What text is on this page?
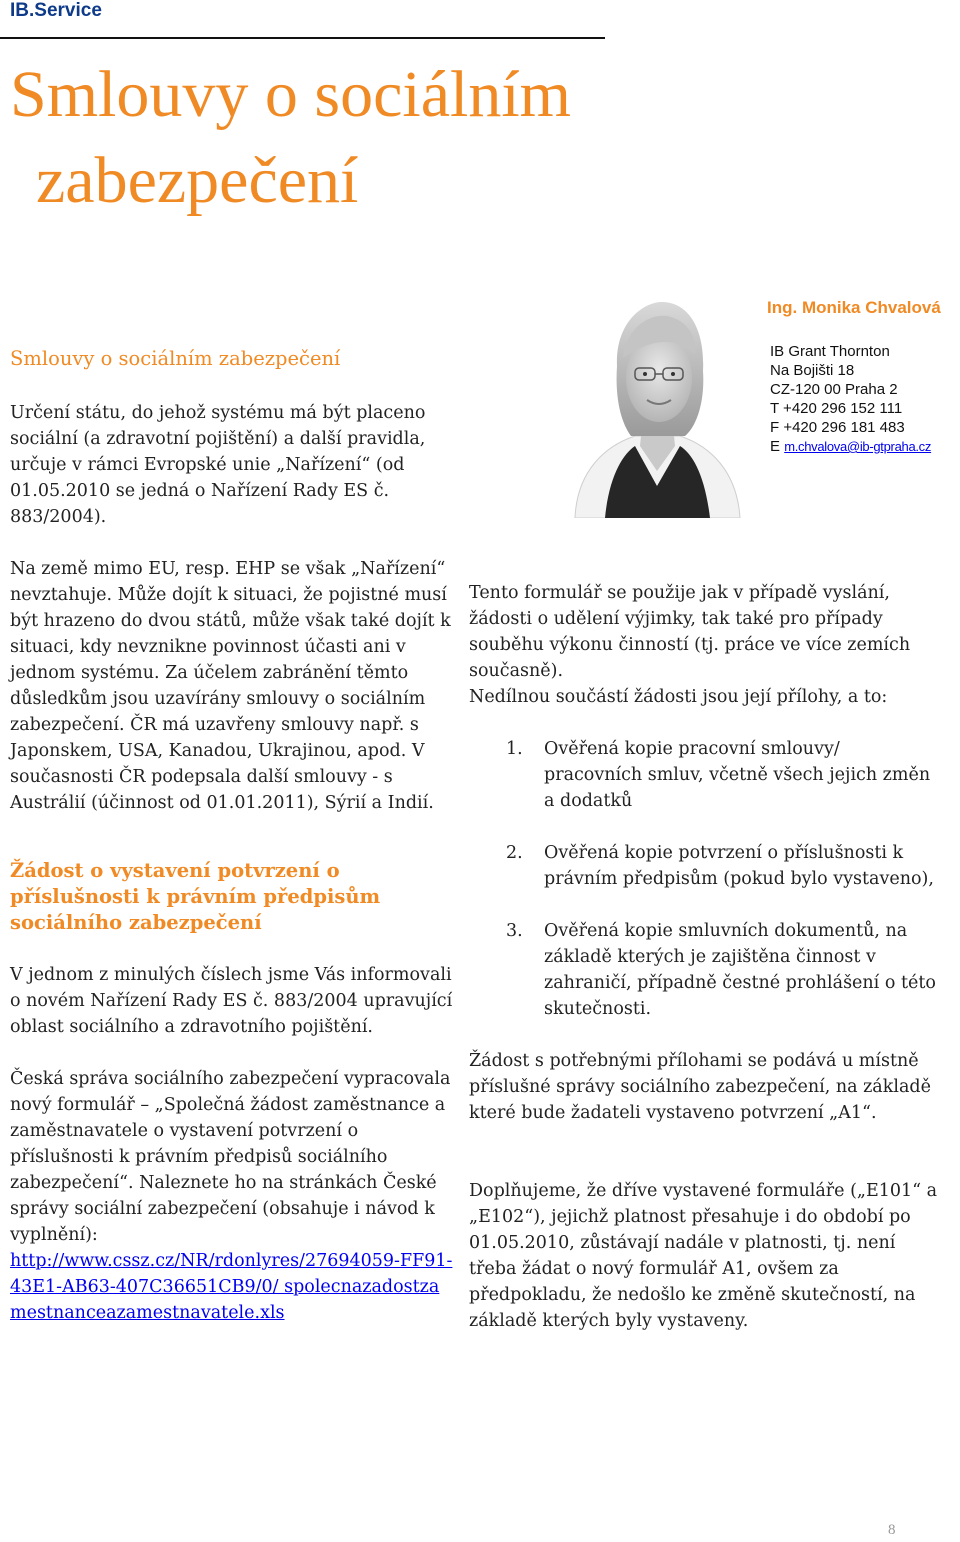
IB.Service
Smlouvy o sociálním
zabezpečení
Ing. Monika Chvalová
IB Grant Thornton
Na Bojišti 18
CZ-120 00 Praha 2
T +420 296 152 111
F +420 296 181 483
E m.chvalova@ib-gtpraha.cz
Smlouvy o sociálním zabezpečení

Určení státu, do jehož systému má být placeno sociální (a zdravotní pojištění) a další pravidla, určuje v rámci Evropské unie „Nařízení“ (od 01.05.2010 se jedná o Nařízení Rady ES č. 883/2004).

Na země mimo EU, resp. EHP se však „Nařízení“ nevztahuje. Může dojít k situaci, že pojistné musí být hrazeno do dvou států, může však také dojít k situaci, kdy nevznikne povinnost účasti ani v jednom systému. Za účelem zabránění těmto důsledkům jsou uzavírány smlouvy o sociálním zabezpečení. ČR má uzavřeny smlouvy např. s Japonskem, USA, Kanadou, Ukrajinou, apod. V současnosti ČR podepsala další smlouvy - s Austrálií (účinnost od 01.01.2011), Sýrií a Indií.

Žádost o vystavení potvrzení o příslušnosti k právním předpisům sociálního zabezpečení

V jednom z minulých číslech jsme Vás informovali o novém Nařízení Rady ES č. 883/2004 upravující oblast sociálního a zdravotního pojištění.

Česká správa sociálního zabezpečení vypracovala nový formulář – „Společná žádost zaměstnance a zaměstnavatele o vystavení potvrzení o příslušnosti k právním předpisů sociálního zabezpečení“. Naleznete ho na stránkách České správy sociální zabezpečení (obsahuje i návod k vyplnění):

http://www.cssz.cz/NR/rdonlyres/27694059-FF91-43E1-AB63-407C36651CB9/0/ spolecnazadostzamestnanceazamestnavatele.xls

Tento formulář se použije jak v případě vyslání, žádosti o udělení výjimky, tak také pro případy souběhu výkonu činností (tj. práce ve více zemích současně).

Nedílnou součástí žádosti jsou její přílohy, a to:

1. Ověřená kopie pracovní smlouvy/ pracovních smluv, včetně všech jejich změn a dodatků
2. Ověřená kopie potvrzení o příslušnosti k právním předpisům (pokud bylo vystaveno),
3. Ověřená kopie smluvních dokumentů, na základě kterých je zajištěna činnost v zahraničí, případně čestné prohlášení o této skutečnosti.

Žádost s potřebnými přílohami se podává u místně příslušné správy sociálního zabezpečení, na základě které bude žadateli vystaveno potvrzení „A1“.

Doplňujeme, že dříve vystavené formuláře („E101“ a „E102“), jejichž platnost přesahuje i do období po 01.05.2010, zůstávají nadále v platnosti, tj. není třeba žádat o nový formulář A1, ovšem za předpokladu, že nedošlo ke změně skutečností, na základě kterých byly vystaveny.

8
